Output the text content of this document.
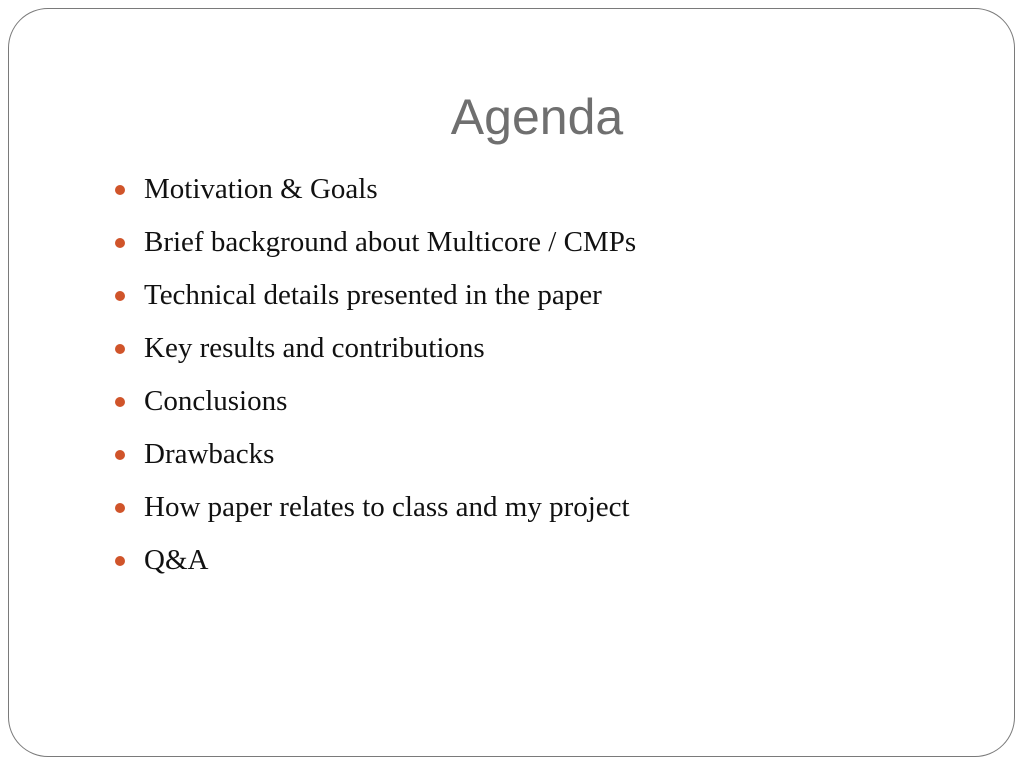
Agenda
Motivation & Goals
Brief background about Multicore / CMPs
Technical details presented in the paper
Key results and contributions
Conclusions
Drawbacks
How paper relates to class and my project
Q&A
